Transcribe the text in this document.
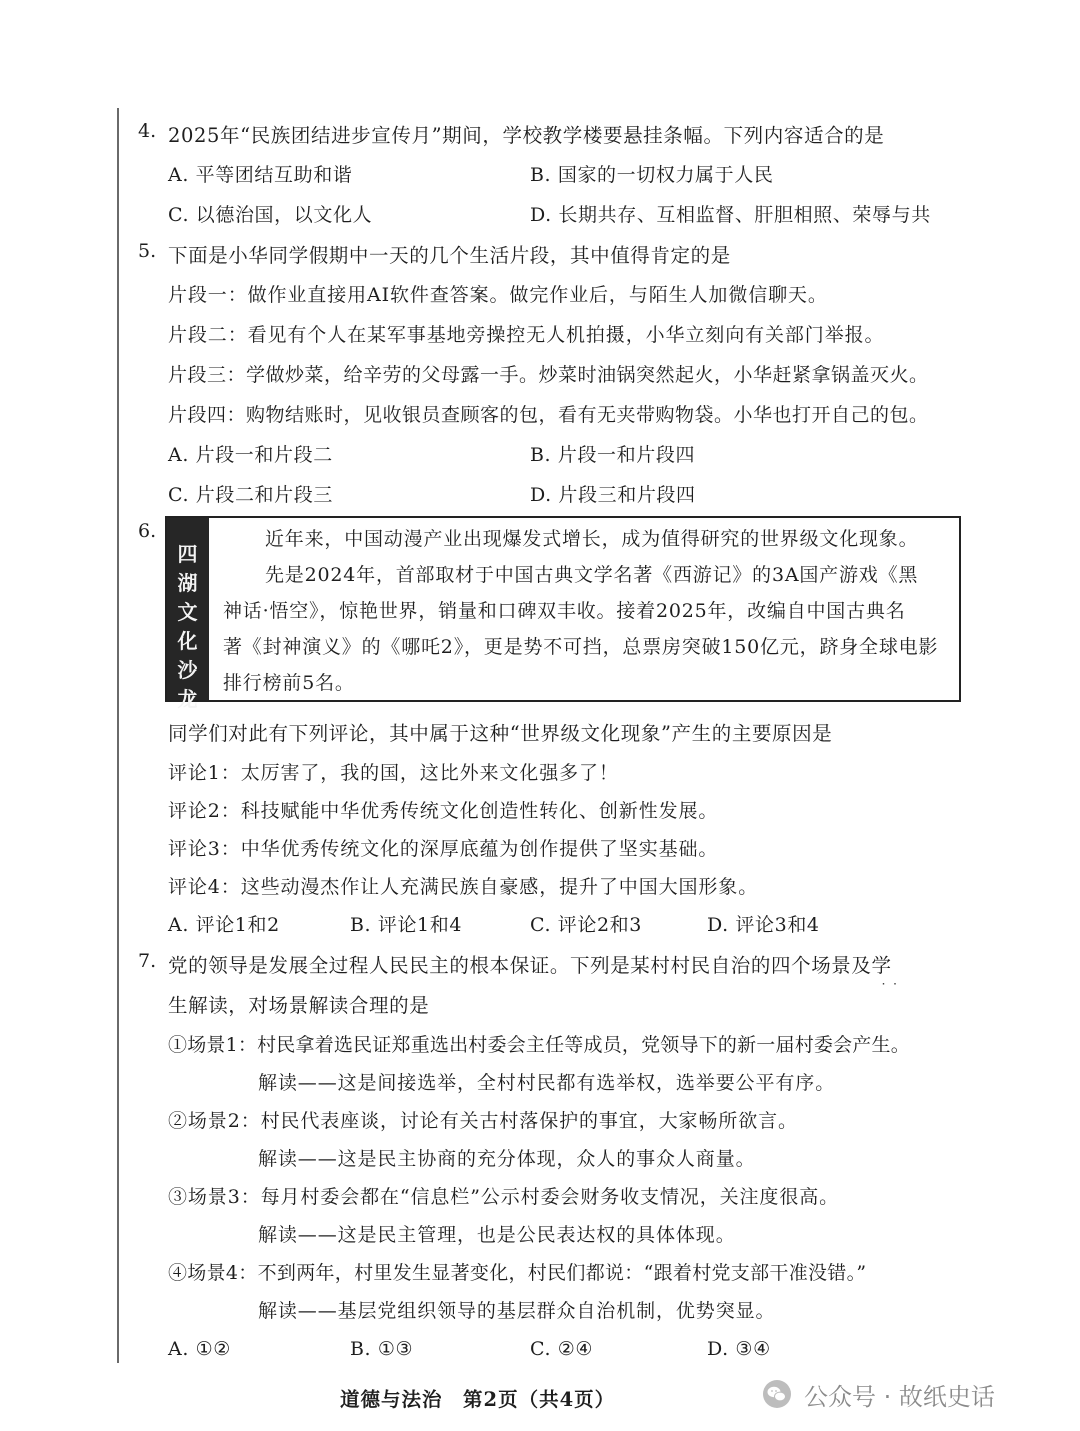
4. 2025年“民族团结进步宣传月”期间，学校教学楼要悬挂条幅。下列内容适合的是
A. 平等团结互助和谐	B. 国家的一切权力属于人民
C. 以德治国，以文化人	D. 长期共存、互相监督、肝胆相照、荣辱与共
5. 下面是小华同学假期中一天的几个生活片段，其中值得肯定的是
片段一：做作业直接用AI软件查答案。做完作业后，与陌生人加微信聊天。
片段二：看见有个人在某军事基地旁操控无人机拍摄，小华立刻向有关部门举报。
片段三：学做炒菜，给辛劳的父母露一手。炒菜时油锅突然起火，小华赶紧拿锅盖灭火。
片段四：购物结账时，见收银员查顾客的包，看有无夹带购物袋。小华也打开自己的包。
A. 片段一和片段二	B. 片段一和片段四
C. 片段二和片段三	D. 片段三和片段四
6.
四
湖
文
化
沙
龙
近年来，中国动漫产业出现爆发式增长，成为值得研究的世界级文化现象。
先是2024年，首部取材于中国古典文学名著《西游记》的3A国产游戏《黑
神话·悟空》，惊艳世界，销量和口碑双丰收。接着2025年，改编自中国古典名
著《封神演义》的《哪吒2》，更是势不可挡，总票房突破150亿元，跻身全球电影
排行榜前5名。
同学们对此有下列评论，其中属于这种“世界级文化现象”产生的主要原因是
评论1：太厉害了，我的国，这比外来文化强多了！
评论2：科技赋能中华优秀传统文化创造性转化、创新性发展。
评论3：中华优秀传统文化的深厚底蕴为创作提供了坚实基础。
评论4：这些动漫杰作让人充满民族自豪感，提升了中国大国形象。
A. 评论1和2	B. 评论1和4	C. 评论2和3	D. 评论3和4
7. 党的领导是发展全过程人民民主的根本保证。下列是某村村民自治的四个场景及学
生解读，对场景解读合理的是
˙ ˙
①场景1：村民拿着选民证郑重选出村委会主任等成员，党领导下的新一届村委会产生。
解读——这是间接选举，全村村民都有选举权，选举要公平有序。
②场景2：村民代表座谈，讨论有关古村落保护的事宜，大家畅所欲言。
解读——这是民主协商的充分体现，众人的事众人商量。
③场景3：每月村委会都在“信息栏”公示村委会财务收支情况，关注度很高。
解读——这是民主管理，也是公民表达权的具体体现。
④场景4：不到两年，村里发生显著变化，村民们都说：“跟着村党支部干准没错。”
解读——基层党组织领导的基层群众自治机制，优势突显。
A. ①②	B. ①③	C. ②④	D. ③④
道德与法治　第2页（共4页）	公众号 · 故纸史话
